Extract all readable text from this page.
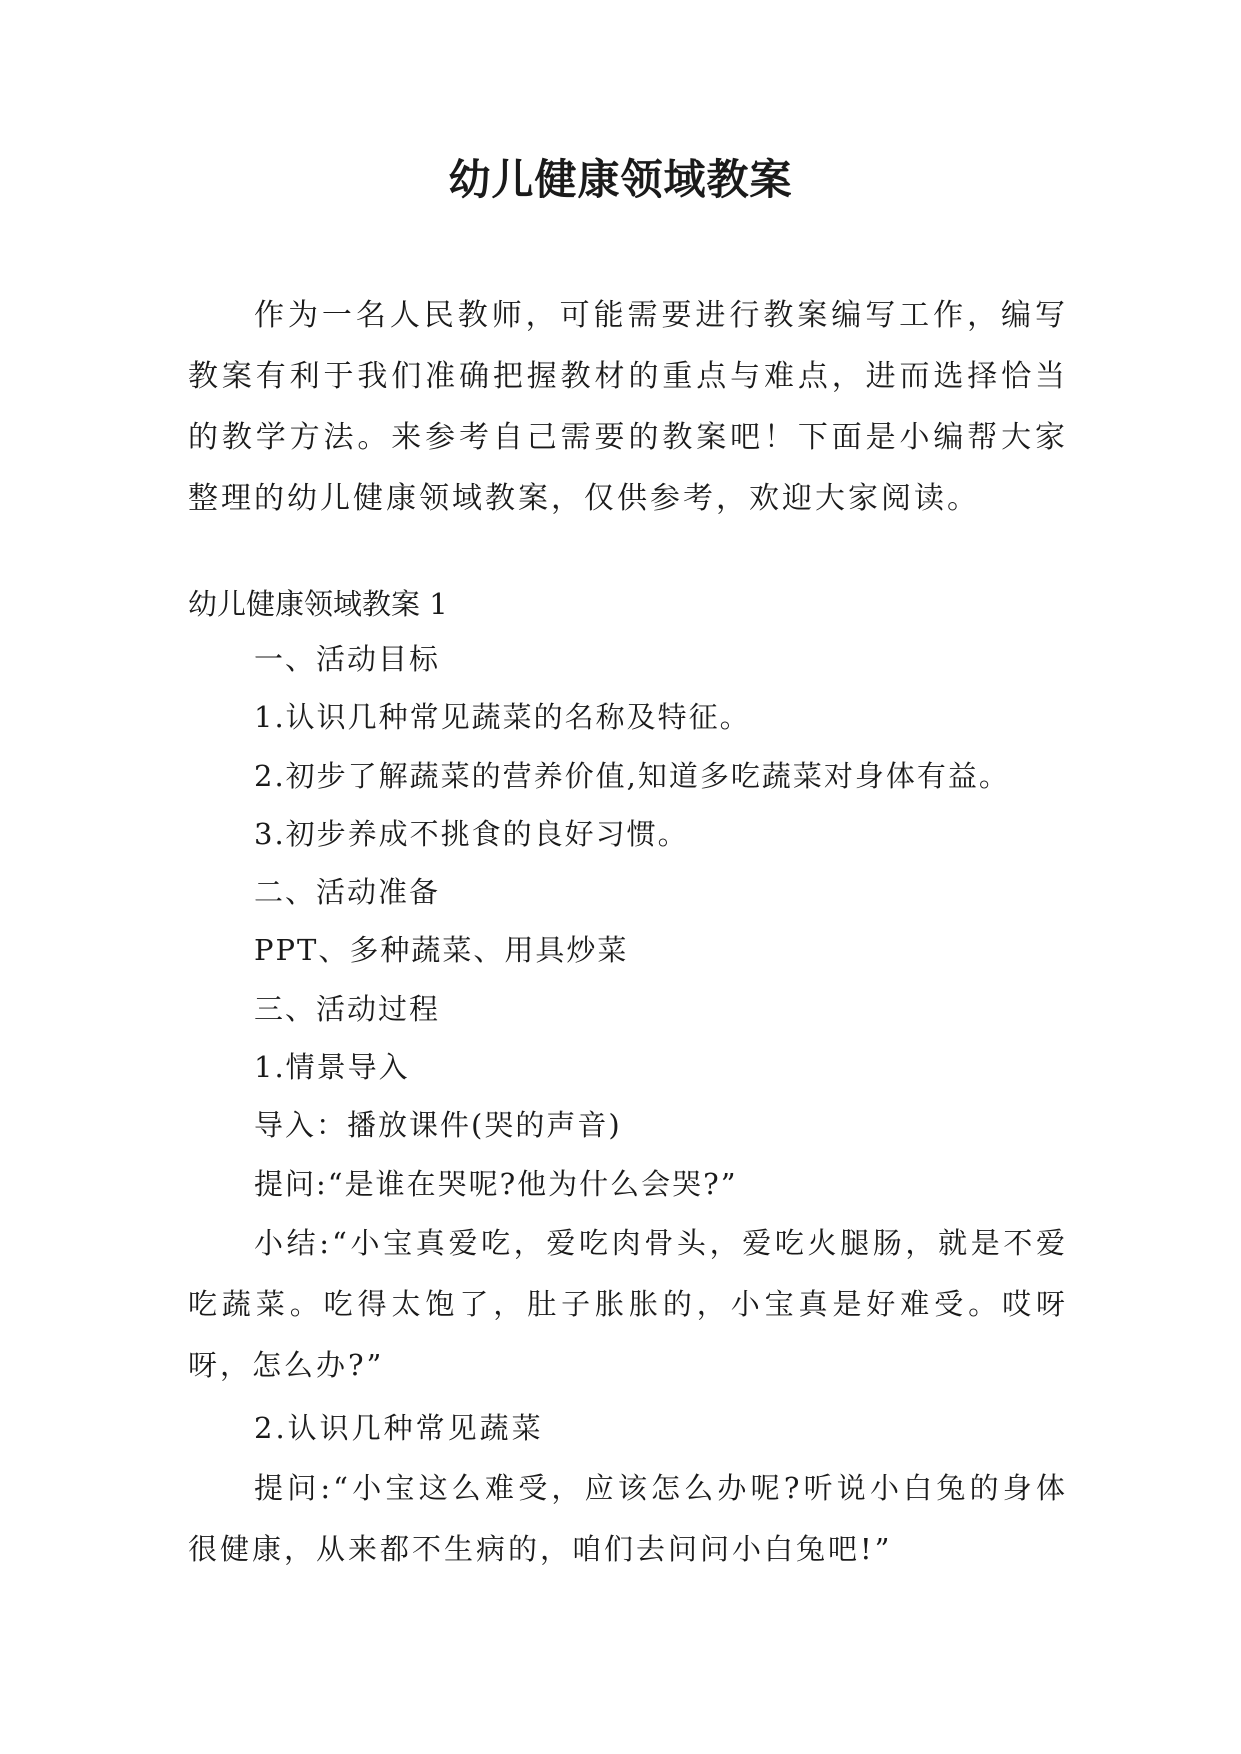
幼儿健康领域教案

作为一名人民教师，可能需要进行教案编写工作，编写教案有利于我们准确把握教材的重点与难点，进而选择恰当的教学方法。来参考自己需要的教案吧！下面是小编帮大家整理的幼儿健康领域教案，仅供参考，欢迎大家阅读。

幼儿健康领域教案 1

一、活动目标
1.认识几种常见蔬菜的名称及特征。
2.初步了解蔬菜的营养价值,知道多吃蔬菜对身体有益。
3.初步养成不挑食的良好习惯。
二、活动准备
PPT、多种蔬菜、用具炒菜
三、活动过程
1.情景导入
导入：播放课件(哭的声音)
提问:“是谁在哭呢?他为什么会哭?”

小结:“小宝真爱吃，爱吃肉骨头，爱吃火腿肠，就是不爱吃蔬菜。吃得太饱了，肚子胀胀的，小宝真是好难受。哎呀呀，怎么办?”

2.认识几种常见蔬菜

提问:“小宝这么难受，应该怎么办呢?听说小白兔的身体很健康，从来都不生病的，咱们去问问小白兔吧!”
